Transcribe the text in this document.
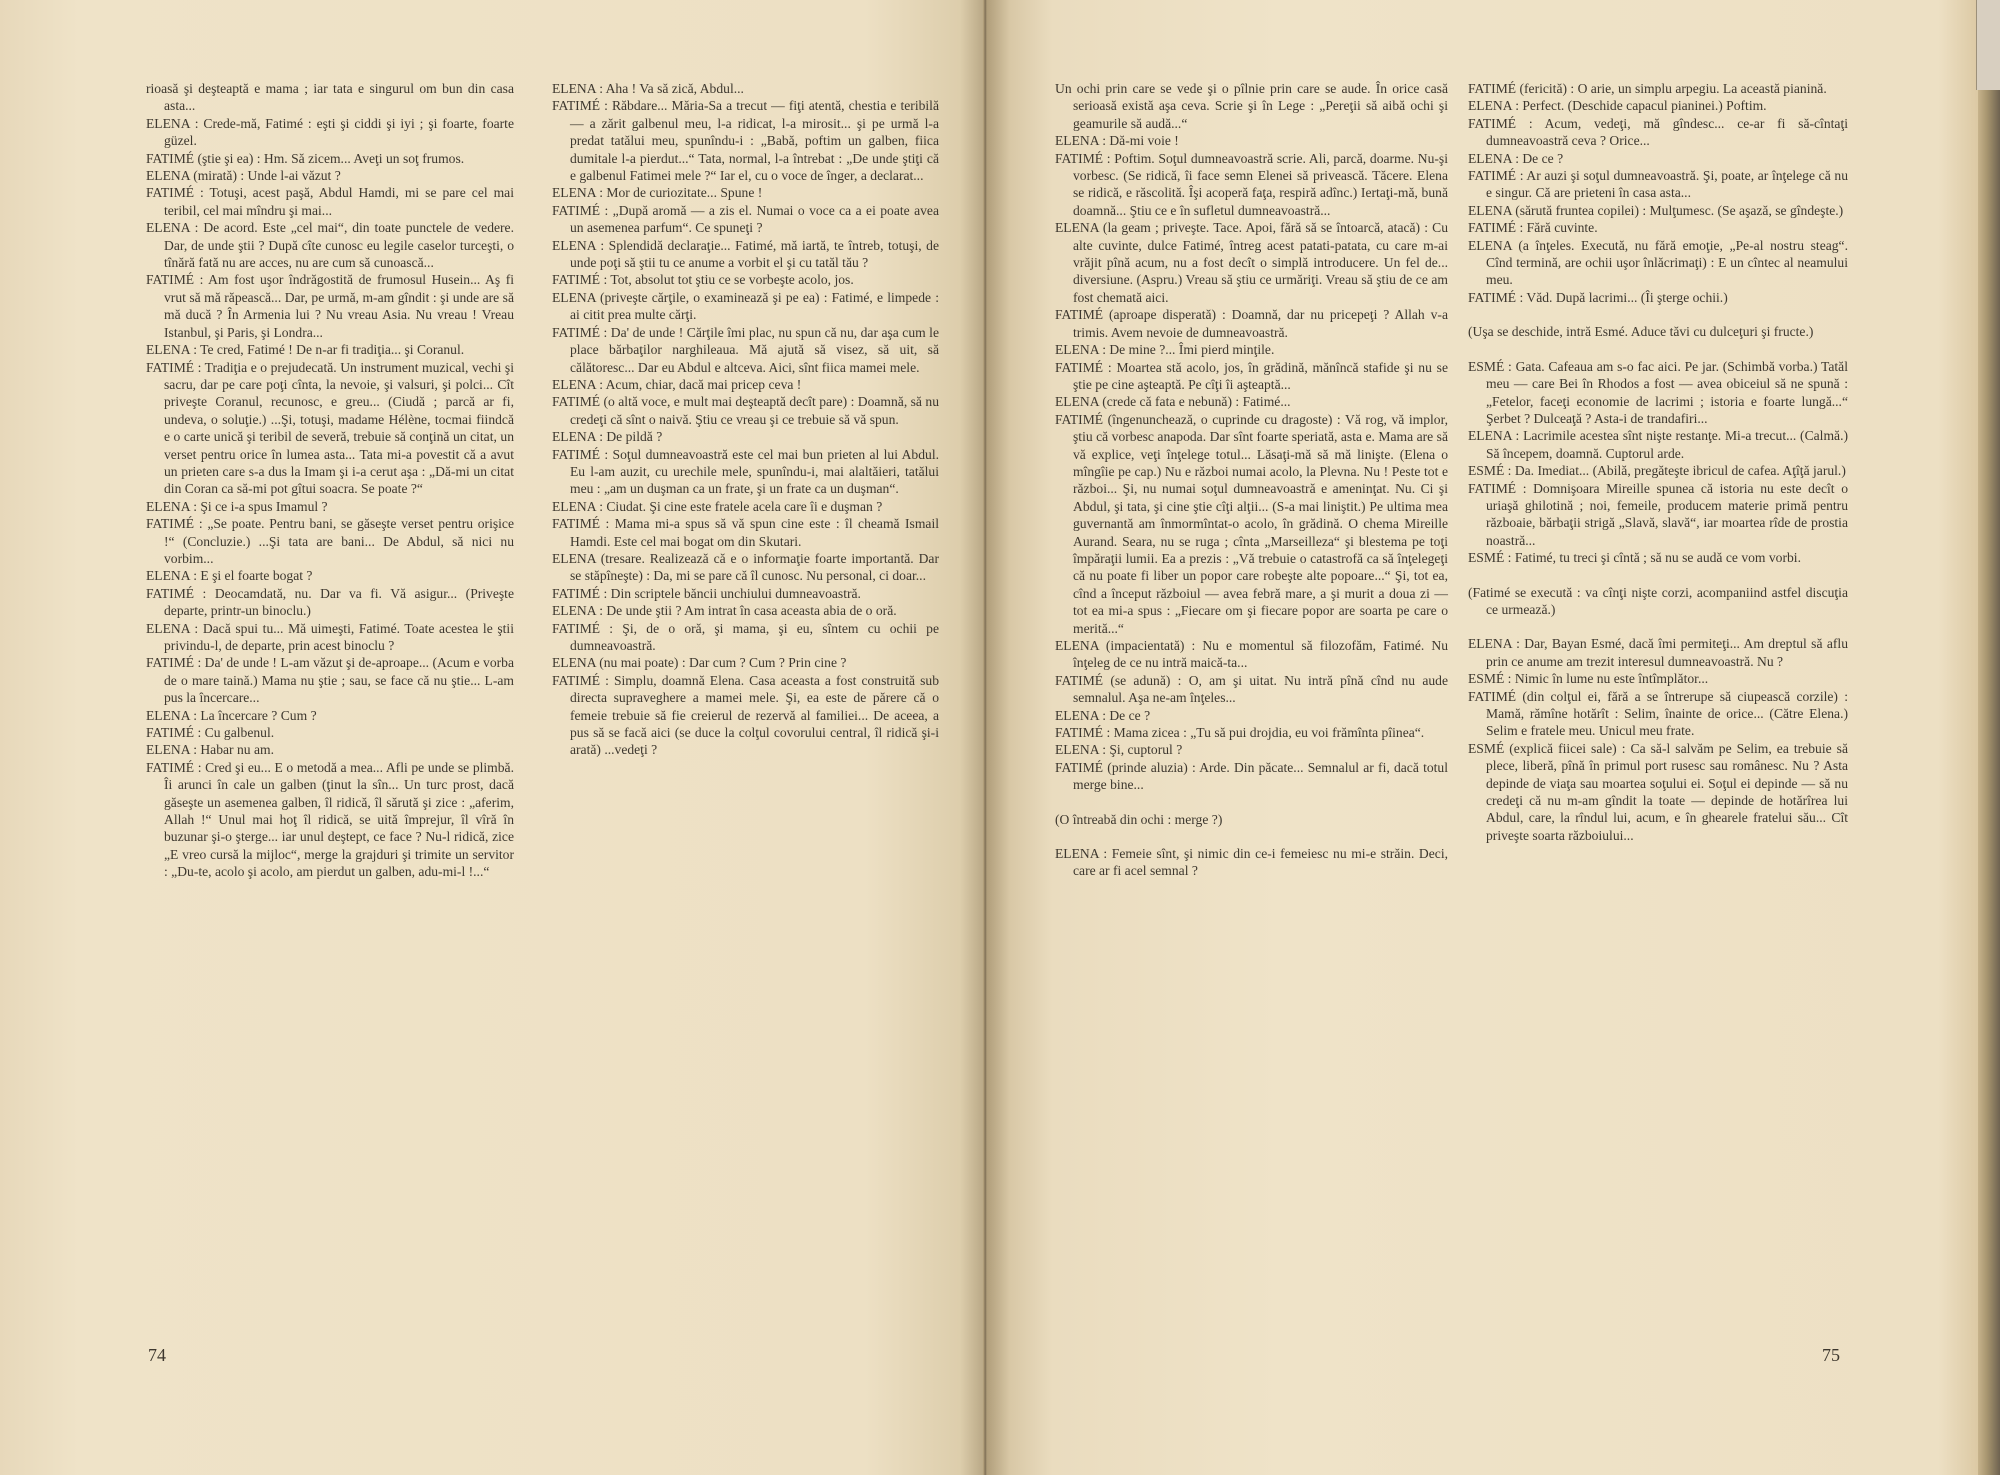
rioasă şi deşteaptă e mama ; iar tata e singurul om bun din casa asta...

ELENA : Crede-mă, Fatimé : eşti şi ciddi şi iyi ; şi foarte, foarte güzel.

FATIMÉ (ştie şi ea) : Hm. Să zicem... Aveţi un soţ frumos.

ELENA (mirată) : Unde l-ai văzut ?

FATIMÉ : Totuşi, acest paşă, Abdul Hamdi, mi se pare cel mai teribil, cel mai mîndru şi mai...

ELENA : De acord. Este „cel mai“, din toate punctele de vedere. Dar, de unde ştii ? După cîte cunosc eu legile caselor turceşti, o tînără fată nu are acces, nu are cum să cunoască...

FATIMÉ : Am fost uşor îndrăgostită de frumosul Husein... Aş fi vrut să mă răpească... Dar, pe urmă, m-am gîndit : şi unde are să mă ducă ? În Armenia lui ? Nu vreau Asia. Nu vreau ! Vreau Istanbul, şi Paris, şi Londra...

ELENA : Te cred, Fatimé ! De n-ar fi tradiţia... şi Coranul.

FATIMÉ : Tradiţia e o prejudecată. Un instrument muzical, vechi şi sacru, dar pe care poţi cînta, la nevoie, şi valsuri, şi polci... Cît priveşte Coranul, recunosc, e greu... (Ciudă ; parcă ar fi, undeva, o soluţie.) ...Şi, totuşi, madame Hélène, tocmai fiindcă e o carte unică şi teribil de severă, trebuie să conţină un citat, un verset pentru orice în lumea asta... Tata mi-a povestit că a avut un prieten care s-a dus la Imam şi i-a cerut aşa : „Dă-mi un citat din Coran ca să-mi pot gîtui soacra. Se poate ?“

ELENA : Şi ce i-a spus Imamul ?

FATIMÉ : „Se poate. Pentru bani, se găseşte verset pentru orişice !“ (Concluzie.) ...Şi tata are bani... De Abdul, să nici nu vorbim...

ELENA : E şi el foarte bogat ?

FATIMÉ : Deocamdată, nu. Dar va fi. Vă asigur... (Priveşte departe, printr-un binoclu.)

ELENA : Dacă spui tu... Mă uimeşti, Fatimé. Toate acestea le ştii privindu-l, de departe, prin acest binoclu ?

FATIMÉ : Da' de unde ! L-am văzut şi de-aproape... (Acum e vorba de o mare taină.) Mama nu ştie ; sau, se face că nu ştie... L-am pus la încercare...

ELENA : La încercare ? Cum ?

FATIMÉ : Cu galbenul.

ELENA : Habar nu am.

FATIMÉ : Cred şi eu... E o metodă a mea... Afli pe unde se plimbă. Îi arunci în cale un galben (ţinut la sîn... Un turc prost, dacă găseşte un asemenea galben, îl ridică, îl sărută şi zice : „aferim, Allah !“ Unul mai hoţ îl ridică, se uită împrejur, îl vîră în buzunar şi-o şterge... iar unul deştept, ce face ? Nu-l ridică, zice „E vreo cursă la mijloc“, merge la grajduri şi trimite un servitor : „Du-te, acolo şi acolo, am pierdut un galben, adu-mi-l !...“

ELENA : Aha ! Va să zică, Abdul...

FATIMÉ : Răbdare... Măria-Sa a trecut — fiţi atentă, chestia e teribilă — a zărit galbenul meu, l-a ridicat, l-a mirosit... şi pe urmă l-a predat tatălui meu, spunîndu-i : „Babă, poftim un galben, fiica dumitale l-a pierdut...“ Tata, normal, l-a întrebat : „De unde ştiţi că e galbenul Fatimei mele ?“ Iar el, cu o voce de înger, a declarat...

ELENA : Mor de curiozitate... Spune !

FATIMÉ : „După aromă — a zis el. Numai o voce ca a ei poate avea un asemenea parfum“. Ce spuneţi ?

ELENA : Splendidă declaraţie... Fatimé, mă iartă, te întreb, totuşi, de unde poţi să ştii tu ce anume a vorbit el şi cu tatăl tău ?

FATIMÉ : Tot, absolut tot ştiu ce se vorbeşte acolo, jos.

ELENA (priveşte cărţile, o examinează şi pe ea) : Fatimé, e limpede : ai citit prea multe cărţi.

FATIMÉ : Da' de unde ! Cărţile îmi plac, nu spun că nu, dar aşa cum le place bărbaţilor narghileaua. Mă ajută să visez, să uit, să călătoresc... Dar eu Abdul e altceva. Aici, sînt fiica mamei mele.

ELENA : Acum, chiar, dacă mai pricep ceva !

FATIMÉ (o altă voce, e mult mai deşteaptă decît pare) : Doamnă, să nu credeţi că sînt o naivă. Ştiu ce vreau şi ce trebuie să vă spun.

ELENA : De pildă ?

FATIMÉ : Soţul dumneavoastră este cel mai bun prieten al lui Abdul. Eu l-am auzit, cu urechile mele, spunîndu-i, mai alaltăieri, tatălui meu : „am un duşman ca un frate, şi un frate ca un duşman“.

ELENA : Ciudat. Şi cine este fratele acela care îi e duşman ?

FATIMÉ : Mama mi-a spus să vă spun cine este : îl cheamă Ismail Hamdi. Este cel mai bogat om din Skutari.

ELENA (tresare. Realizează că e o informaţie foarte importantă. Dar se stăpîneşte) : Da, mi se pare că îl cunosc. Nu personal, ci doar...

FATIMÉ : Din scriptele băncii unchiului dumneavoastră.

ELENA : De unde ştii ? Am intrat în casa aceasta abia de o oră.

FATIMÉ : Şi, de o oră, şi mama, şi eu, sîntem cu ochii pe dumneavoastră.

ELENA (nu mai poate) : Dar cum ? Cum ? Prin cine ?

FATIMÉ : Simplu, doamnă Elena. Casa aceasta a fost construită sub directa supraveghere a mamei mele. Şi, ea este de părere că o femeie trebuie să fie creierul de rezervă al familiei... De aceea, a pus să se facă aici (se duce la colţul covorului central, îl ridică şi-i arată) ...vedeţi ?

74

Un ochi prin care se vede şi o pîlnie prin care se aude. În orice casă serioasă există aşa ceva. Scrie şi în Lege : „Pereţii să aibă ochi şi geamurile să audă...“

ELENA : Dă-mi voie !

FATIMÉ : Poftim. Soţul dumneavoastră scrie. Ali, parcă, doarme. Nu-şi vorbesc. (Se ridică, îi face semn Elenei să privească. Tăcere. Elena se ridică, e răscolită. Îşi acoperă faţa, respiră adînc.) Iertaţi-mă, bună doamnă... Ştiu ce e în sufletul dumneavoastră...

ELENA (la geam ; priveşte. Tace. Apoi, fără să se întoarcă, atacă) : Cu alte cuvinte, dulce Fatimé, întreg acest patati-patata, cu care m-ai vrăjit pînă acum, nu a fost decît o simplă introducere. Un fel de... diversiune. (Aspru.) Vreau să ştiu ce urmăriţi. Vreau să ştiu de ce am fost chemată aici.

FATIMÉ (aproape disperată) : Doamnă, dar nu pricepeţi ? Allah v-a trimis. Avem nevoie de dumneavoastră.

ELENA : De mine ?... Îmi pierd minţile.

FATIMÉ : Moartea stă acolo, jos, în grădină, mănîncă stafide şi nu se ştie pe cine aşteaptă. Pe cîţi îi aşteaptă...

ELENA (crede că fata e nebună) : Fatimé...

FATIMÉ (îngenunchează, o cuprinde cu dragoste) : Vă rog, vă implor, ştiu că vorbesc anapoda. Dar sînt foarte speriată, asta e. Mama are să vă explice, veţi înţelege totul... Lăsaţi-mă să mă linişte. (Elena o mîngîie pe cap.) Nu e război numai acolo, la Plevna. Nu ! Peste tot e război... Şi, nu numai soţul dumneavoastră e ameninţat. Nu. Ci şi Abdul, şi tata, şi cine ştie cîţi alţii... (S-a mai liniştit.) Pe ultima mea guvernantă am înmormîntat-o acolo, în grădină. O chema Mireille Aurand. Seara, nu se ruga ; cînta „Marseilleza“ şi blestema pe toţi împăraţii lumii. Ea a prezis : „Vă trebuie o catastrofă ca să înţelegeţi că nu poate fi liber un popor care robeşte alte popoare...“ Şi, tot ea, cînd a început războiul — avea febră mare, a şi murit a doua zi — tot ea mi-a spus : „Fiecare om şi fiecare popor are soarta pe care o merită...“

ELENA (impacientată) : Nu e momentul să filozofăm, Fatimé. Nu înţeleg de ce nu intră maică-ta...

FATIMÉ (se adună) : O, am şi uitat. Nu intră pînă cînd nu aude semnalul. Aşa ne-am înţeles...

ELENA : De ce ?

FATIMÉ : Mama zicea : „Tu să pui drojdia, eu voi frămînta pîinea“.

ELENA : Şi, cuptorul ?

FATIMÉ (prinde aluzia) : Arde. Din păcate... Semnalul ar fi, dacă totul merge bine...

(O întreabă din ochi : merge ?)

ELENA : Femeie sînt, şi nimic din ce-i femeiesc nu mi-e străin. Deci, care ar fi acel semnal ?

FATIMÉ (fericită) : O arie, un simplu arpegiu. La această pianină.

ELENA : Perfect. (Deschide capacul pianinei.) Poftim.

FATIMÉ : Acum, vedeţi, mă gîndesc... ce-ar fi să-cîntaţi dumneavoastră ceva ? Orice...

ELENA : De ce ?

FATIMÉ : Ar auzi şi soţul dumneavoastră. Şi, poate, ar înţelege că nu e singur. Că are prieteni în casa asta...

ELENA (sărută fruntea copilei) : Mulţumesc. (Se aşază, se gîndeşte.)

FATIMÉ : Fără cuvinte.

ELENA (a înţeles. Execută, nu fără emoţie, „Pe-al nostru steag“. Cînd termină, are ochii uşor înlăcrimaţi) : E un cîntec al neamului meu.

FATIMÉ : Văd. După lacrimi... (Îi şterge ochii.)

(Uşa se deschide, intră Esmé. Aduce tăvi cu dulceţuri şi fructe.)

ESMÉ : Gata. Cafeaua am s-o fac aici. Pe jar. (Schimbă vorba.) Tatăl meu — care Bei în Rhodos a fost — avea obiceiul să ne spună : „Fetelor, faceţi economie de lacrimi ; istoria e foarte lungă...“ Şerbet ? Dulceaţă ? Asta-i de trandafiri...

ELENA : Lacrimile acestea sînt nişte restanţe. Mi-a trecut... (Calmă.) Să începem, doamnă. Cuptorul arde.

ESMÉ : Da. Imediat... (Abilă, pregăteşte ibricul de cafea. Aţîţă jarul.)

FATIMÉ : Domnişoara Mireille spunea că istoria nu este decît o uriaşă ghilotină ; noi, femeile, producem materie primă pentru războaie, bărbaţii strigă „Slavă, slavă“, iar moartea rîde de prostia noastră...

ESMÉ : Fatimé, tu treci şi cîntă ; să nu se audă ce vom vorbi.

(Fatimé se execută : va cînţi nişte corzi, acompaniind astfel discuţia ce urmează.)

ELENA : Dar, Bayan Esmé, dacă îmi permiteţi... Am dreptul să aflu prin ce anume am trezit interesul dumneavoastră. Nu ?

ESMÉ : Nimic în lume nu este întîmplător...

FATIMÉ (din colţul ei, fără a se întrerupe să ciupească corzile) : Mamă, rămîne hotărît : Selim, înainte de orice... (Către Elena.) Selim e fratele meu. Unicul meu frate.

ESMÉ (explică fiicei sale) : Ca să-l salvăm pe Selim, ea trebuie să plece, liberă, pînă în primul port rusesc sau românesc. Nu ? Asta depinde de viaţa sau moartea soţului ei. Soţul ei depinde — să nu credeţi că nu m-am gîndit la toate — depinde de hotărîrea lui Abdul, care, la rîndul lui, acum, e în ghearele fratelui său... Cît priveşte soarta războiului...

75
